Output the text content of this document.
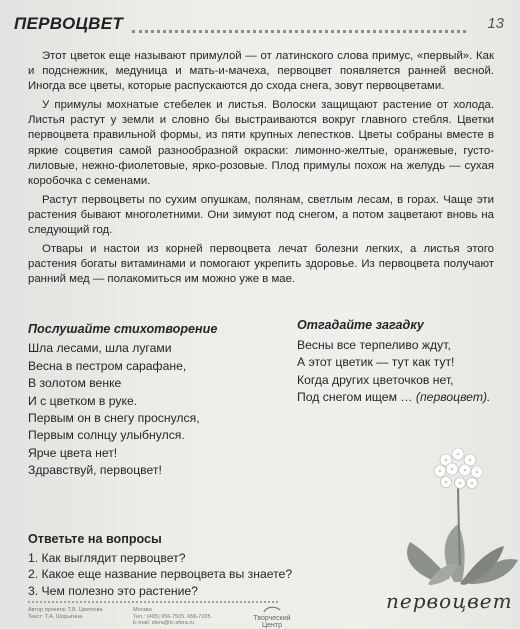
ПЕРВОЦВЕТ	13

Этот цветок еще называют примулой — от латинского слова примус, «первый». Как и подснежник, медуница и мать-и-мачеха, первоцвет появляется ранней весной. Иногда все цветы, которые распускаются до схода снега, зовут первоцветами.

У примулы мохнатые стебелек и листья. Волоски защищают растение от холода. Листья растут у земли и словно бы выстраиваются вокруг главного стебля. Цветки первоцвета правильной формы, из пяти крупных лепестков. Цветы собраны вместе в яркие соцветия самой разнообразной окраски: лимонно-желтые, оранжевые, густо-лиловые, нежно-фиолетовые, ярко-розовые. Плод примулы похож на желудь — сухая коробочка с семенами.

Растут первоцветы по сухим опушкам, полянам, светлым лесам, в горах. Чаще эти растения бывают многолетними. Они зимуют под снегом, а потом зацветают вновь на следующий год.

Отвары и настои из корней первоцвета лечат болезни легких, а листья этого растения богаты витаминами и помогают укрепить здоровье. Из первоцвета получают ранний мед — полакомиться им можно уже в мае.

Послушайте стихотворение
Шла лесами, шла лугами
Весна в пестром сарафане,
В золотом венке
И с цветком в руке.
Первым он в снегу проснулся,
Первым солнцу улыбнулся.
Ярче цвета нет!
Здравствуй, первоцвет!
Отгадайте загадку
Весны все терпеливо ждут,
А этот цветик — тут как тут!
Когда других цветочков нет,
Под снегом ищем … (первоцвет).
Ответьте на вопросы
1. Как выглядит первоцвет?
2. Какое еще название первоцвета вы знаете?
3. Чем полезно это растение?
Автор проекта: Т.В. Цветкова
Текст: Т.А. Шорыгина
Москва
Тел.: (495) 656-7505, 656-7205
E-mail: sfera@tc-sfera.ru
Творческий Центр
первоцвет
